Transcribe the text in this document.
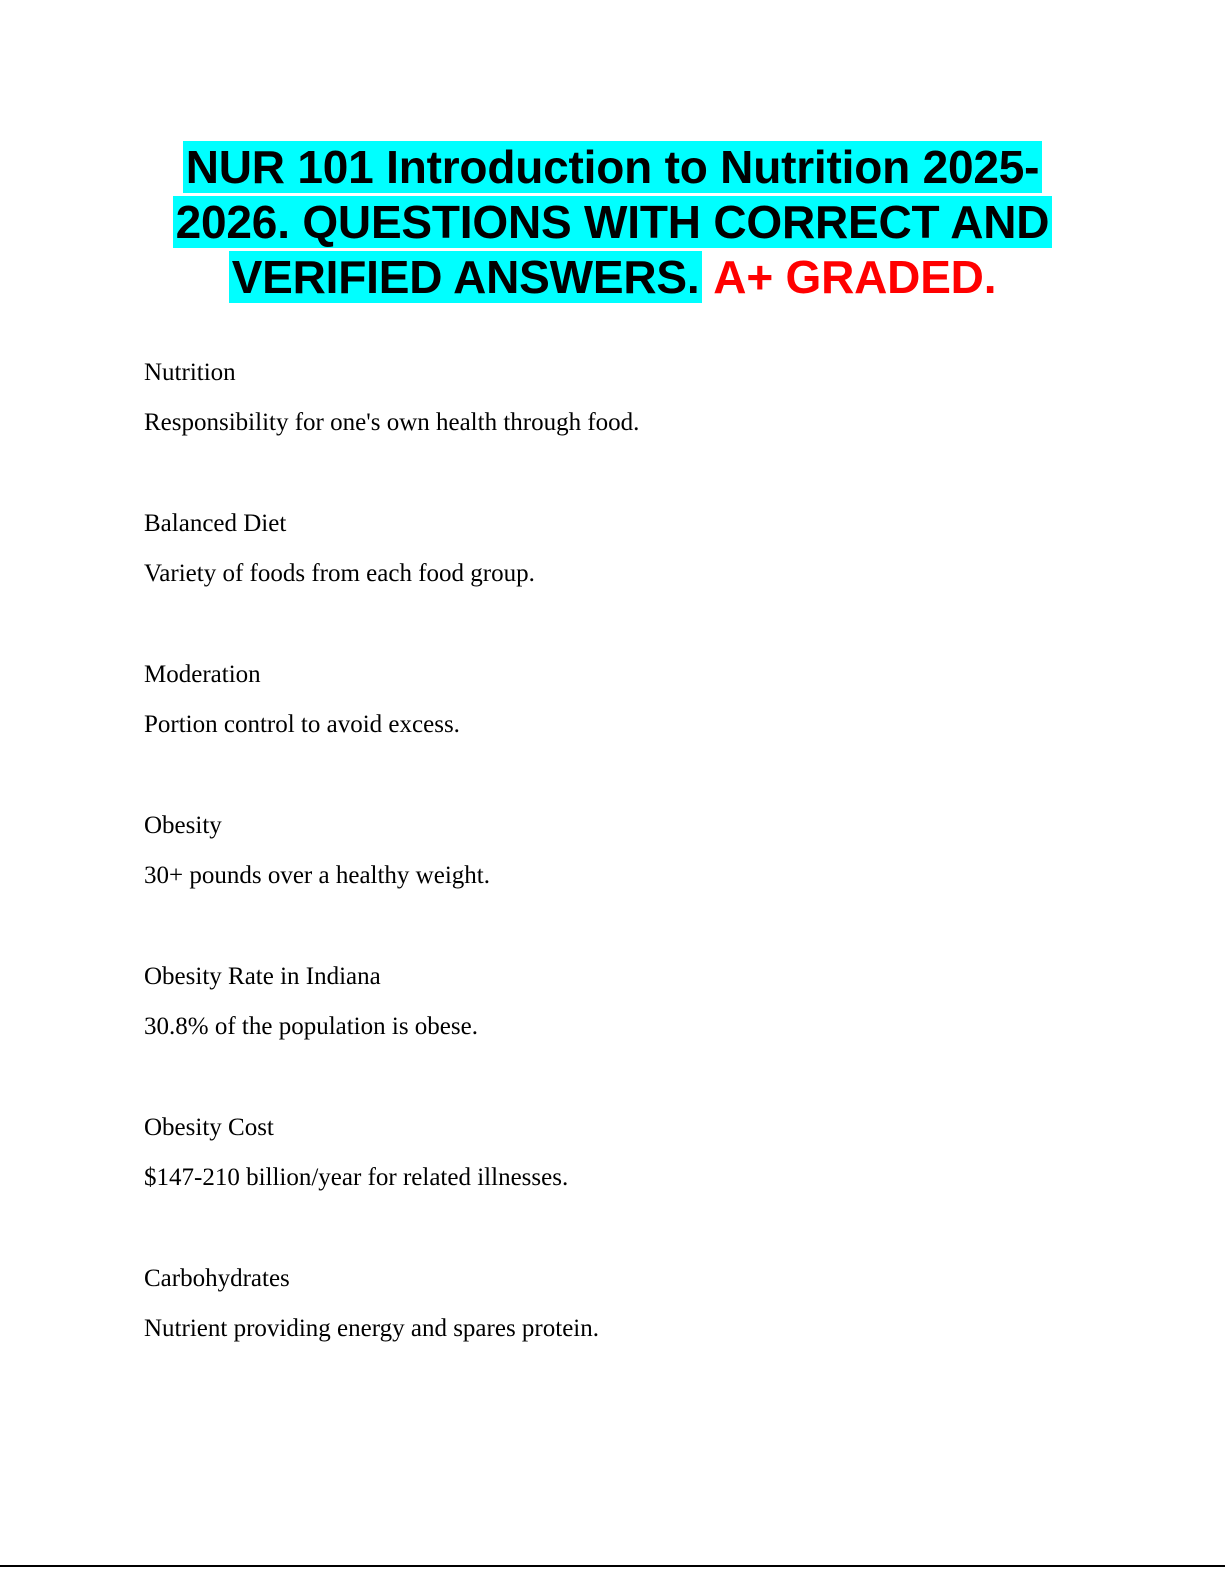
NUR 101 Introduction to Nutrition 2025-
2026. QUESTIONS WITH CORRECT AND
VERIFIED ANSWERS. A+ GRADED.

Nutrition

Responsibility for one's own health through food.

Balanced Diet

Variety of foods from each food group.

Moderation

Portion control to avoid excess.

Obesity

30+ pounds over a healthy weight.

Obesity Rate in Indiana

30.8% of the population is obese.

Obesity Cost

$147-210 billion/year for related illnesses.

Carbohydrates

Nutrient providing energy and spares protein.
